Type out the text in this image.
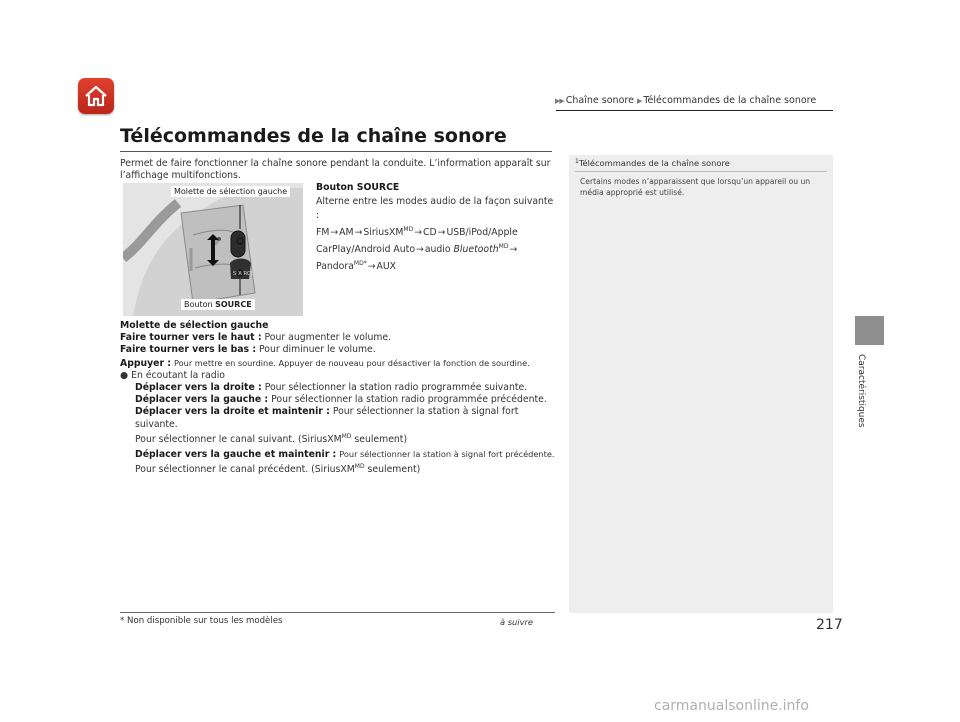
▶▶ Chaîne sonore ▶ Télécommandes de la chaîne sonore
Télécommandes de la chaîne sonore
Permet de faire fonctionner la chaîne sonore pendant la conduite. L’information apparaît sur l’affichage multifonctions.
SOURCE
Molette de sélection gauche
Bouton SOURCE
Bouton SOURCE
Alterne entre les modes audio de la façon suivante :
FM→AM→SiriusXM$^{MD}$→CD→USB/iPod/Apple CarPlay/Android Auto→audio Bluetooth$^{MD}$→ Pandora$^{MD*}$→AUX
Molette de sélection gauche
Faire tourner vers le haut : Pour augmenter le volume.
Faire tourner vers le bas : Pour diminuer le volume.
Appuyer : Pour mettre en sourdine. Appuyer de nouveau pour désactiver la fonction de sourdine.
● En écoutant la radio
Déplacer vers la droite : Pour sélectionner la station radio programmée suivante.
Déplacer vers la gauche : Pour sélectionner la station radio programmée précédente.
Déplacer vers la droite et maintenir : Pour sélectionner la station à signal fort suivante.
Pour sélectionner le canal suivant. (SiriusXM$^{MD}$ seulement)
Déplacer vers la gauche et maintenir : Pour sélectionner la station à signal fort précédente.
Pour sélectionner le canal précédent. (SiriusXM$^{MD}$ seulement)
$^1$Télécommandes de la chaîne sonore
Certains modes n’apparaissent que lorsqu’un appareil ou un média approprié est utilisé.
Caractéristiques
* Non disponible sur tous les modèles	à suivre	217
carmanualsonline.info
